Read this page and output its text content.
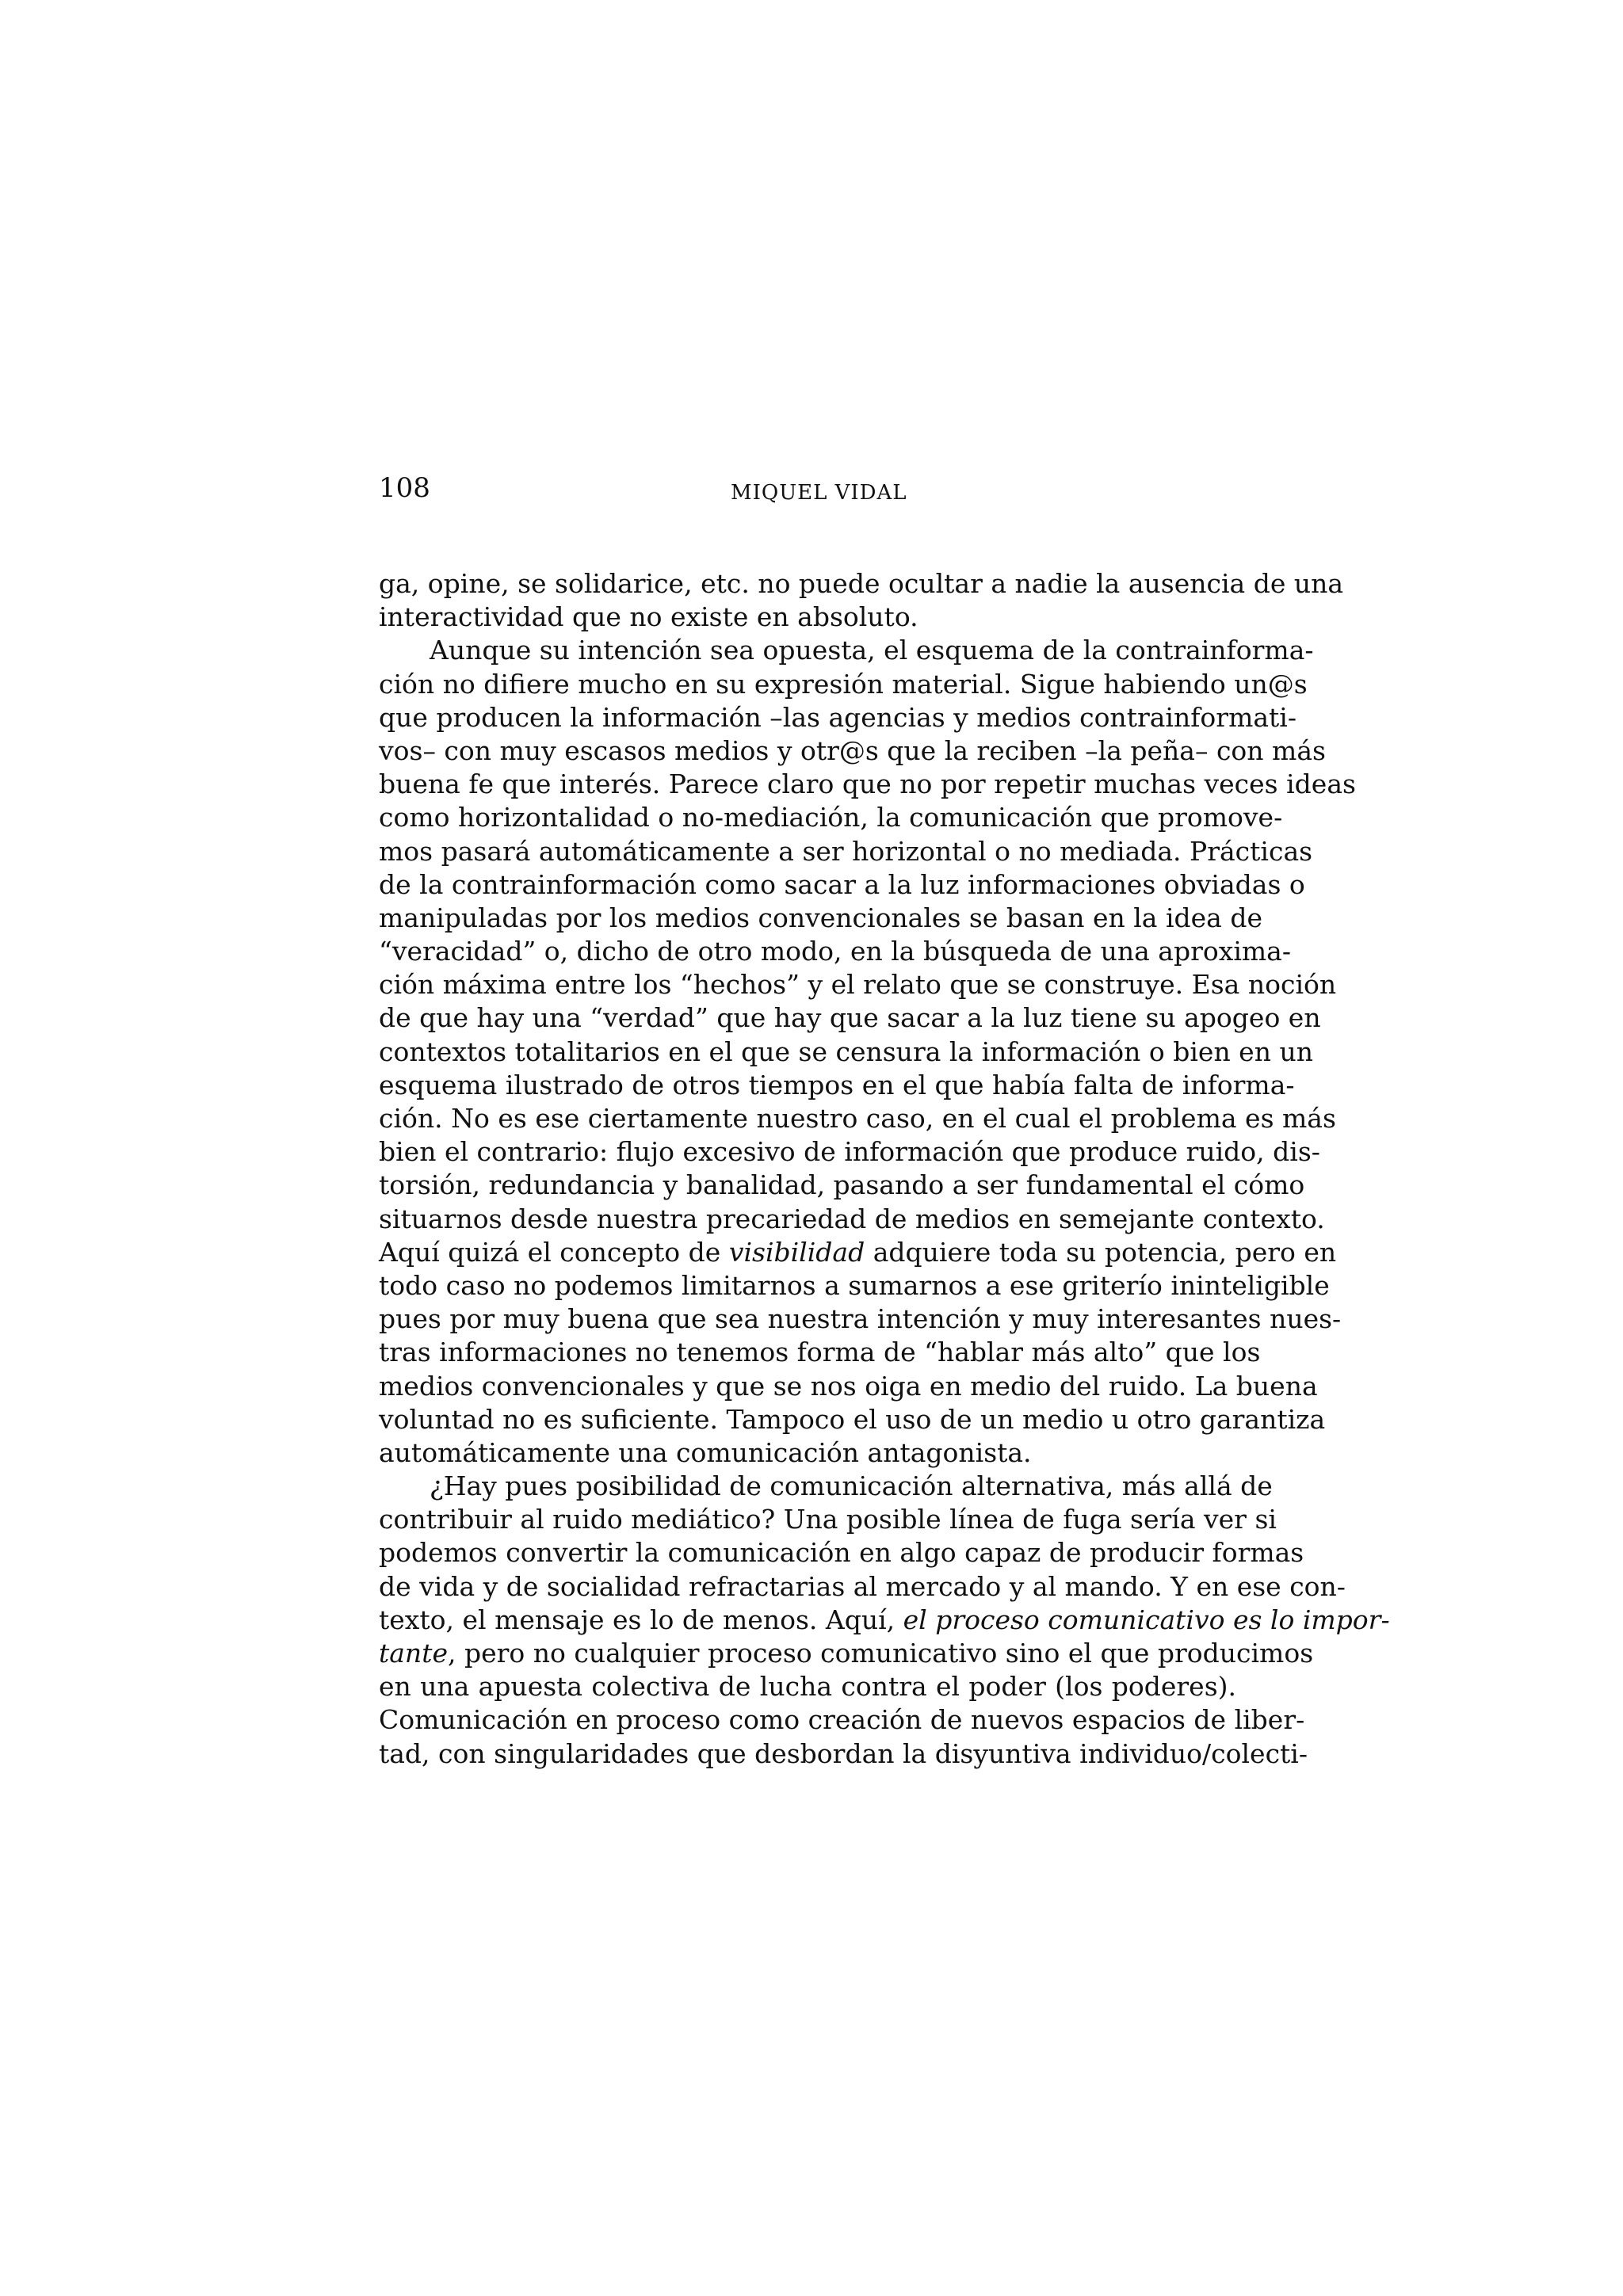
108	MIQUEL VIDAL
ga, opine, se solidarice, etc. no puede ocultar a nadie la ausencia de una
interactividad que no existe en absoluto.
Aunque su intención sea opuesta, el esquema de la contrainforma-
ción no difiere mucho en su expresión material. Sigue habiendo un@s
que producen la información –las agencias y medios contrainformati-
vos– con muy escasos medios y otr@s que la reciben –la peña– con más
buena fe que interés. Parece claro que no por repetir muchas veces ideas
como horizontalidad o no-mediación, la comunicación que promove-
mos pasará automáticamente a ser horizontal o no mediada. Prácticas
de la contrainformación como sacar a la luz informaciones obviadas o
manipuladas por los medios convencionales se basan en la idea de
“veracidad” o, dicho de otro modo, en la búsqueda de una aproxima-
ción máxima entre los “hechos” y el relato que se construye. Esa noción
de que hay una “verdad” que hay que sacar a la luz tiene su apogeo en
contextos totalitarios en el que se censura la información o bien en un
esquema ilustrado de otros tiempos en el que había falta de informa-
ción. No es ese ciertamente nuestro caso, en el cual el problema es más
bien el contrario: flujo excesivo de información que produce ruido, dis-
torsión, redundancia y banalidad, pasando a ser fundamental el cómo
situarnos desde nuestra precariedad de medios en semejante contexto.
Aquí quizá el concepto de visibilidad adquiere toda su potencia, pero en
todo caso no podemos limitarnos a sumarnos a ese griterío ininteligible
pues por muy buena que sea nuestra intención y muy interesantes nues-
tras informaciones no tenemos forma de “hablar más alto” que los
medios convencionales y que se nos oiga en medio del ruido. La buena
voluntad no es suficiente. Tampoco el uso de un medio u otro garantiza
automáticamente una comunicación antagonista.
¿Hay pues posibilidad de comunicación alternativa, más allá de
contribuir al ruido mediático? Una posible línea de fuga sería ver si
podemos convertir la comunicación en algo capaz de producir formas
de vida y de socialidad refractarias al mercado y al mando. Y en ese con-
texto, el mensaje es lo de menos. Aquí, el proceso comunicativo es lo impor-
tante, pero no cualquier proceso comunicativo sino el que producimos
en una apuesta colectiva de lucha contra el poder (los poderes).
Comunicación en proceso como creación de nuevos espacios de liber-
tad, con singularidades que desbordan la disyuntiva individuo/colecti-
